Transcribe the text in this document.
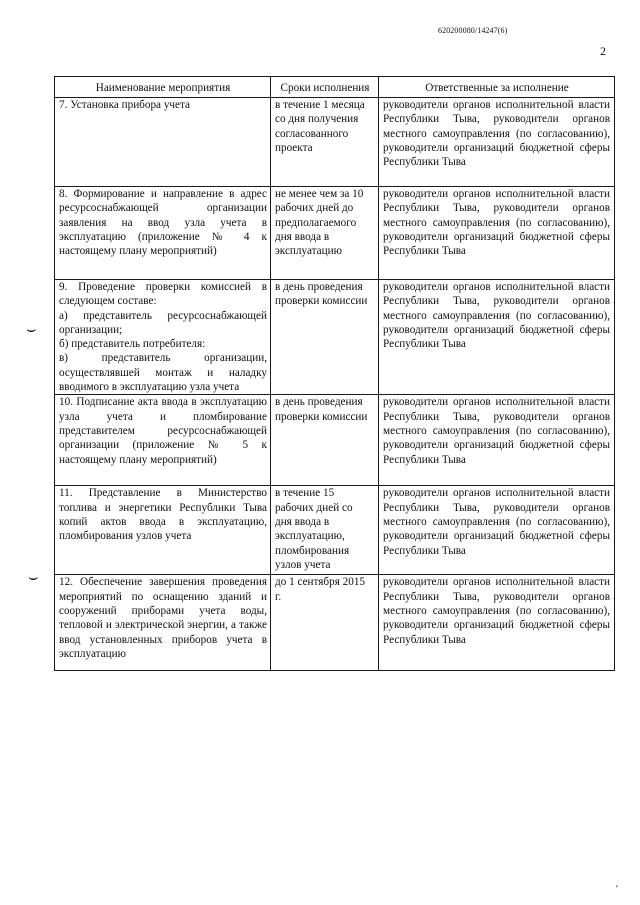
620200080/14247(6)
2
Наименование мероприятия	Сроки исполнения	Ответственные за исполнение
7. Установка прибора учета	в течение 1 месяца со дня получения согласованного проекта	руководители органов исполнительной власти Республики Тыва, руководители органов местного самоуправления (по согласованию), руководители организаций бюджетной сферы Республики Тыва
8. Формирование и направление в адрес ресурсоснабжающей организации заявления на ввод узла учета в эксплуатацию (приложение № 4 к настоящему плану мероприятий)	не менее чем за 10 рабочих дней до предполагаемого дня ввода в эксплуатацию	руководители органов исполнительной власти Республики Тыва, руководители органов местного самоуправления (по согласованию), руководители организаций бюджетной сферы Республики Тыва
9. Проведение проверки комиссией в следующем составе:
а) представитель ресурсоснабжающей организации;
б) представитель потребителя:
в) представитель организации, осуществлявшей монтаж и наладку вводимого в эксплуатацию узла учета	в день проведения проверки комиссии	руководители органов исполнительной власти Республики Тыва, руководители органов местного самоуправления (по согласованию), руководители организаций бюджетной сферы Республики Тыва
10. Подписание акта ввода в эксплуатацию узла учета и пломбирование представителем ресурсоснабжающей организации (приложение № 5 к настоящему плану мероприятий)	в день проведения проверки комиссии	руководители органов исполнительной власти Республики Тыва, руководители органов местного самоуправления (по согласованию), руководители организаций бюджетной сферы Республики Тыва
11. Представление в Министерство топлива и энергетики Республики Тыва копий актов ввода в эксплуатацию, пломбирования узлов учета	в течение 15 рабочих дней со дня ввода в эксплуатацию, пломбирования узлов учета	руководители органов исполнительной власти Республики Тыва, руководители органов местного самоуправления (по согласованию), руководители организаций бюджетной сферы Республики Тыва
12. Обеспечение завершения проведения мероприятий по оснащению зданий и сооружений приборами учета воды, тепловой и электрической энергии, а также ввод установленных приборов учета в эксплуатацию	до 1 сентября 2015 г.	руководители органов исполнительной власти Республики Тыва, руководители органов местного самоуправления (по согласованию), руководители организаций бюджетной сферы Республики Тыва
⌣
⌣
′
